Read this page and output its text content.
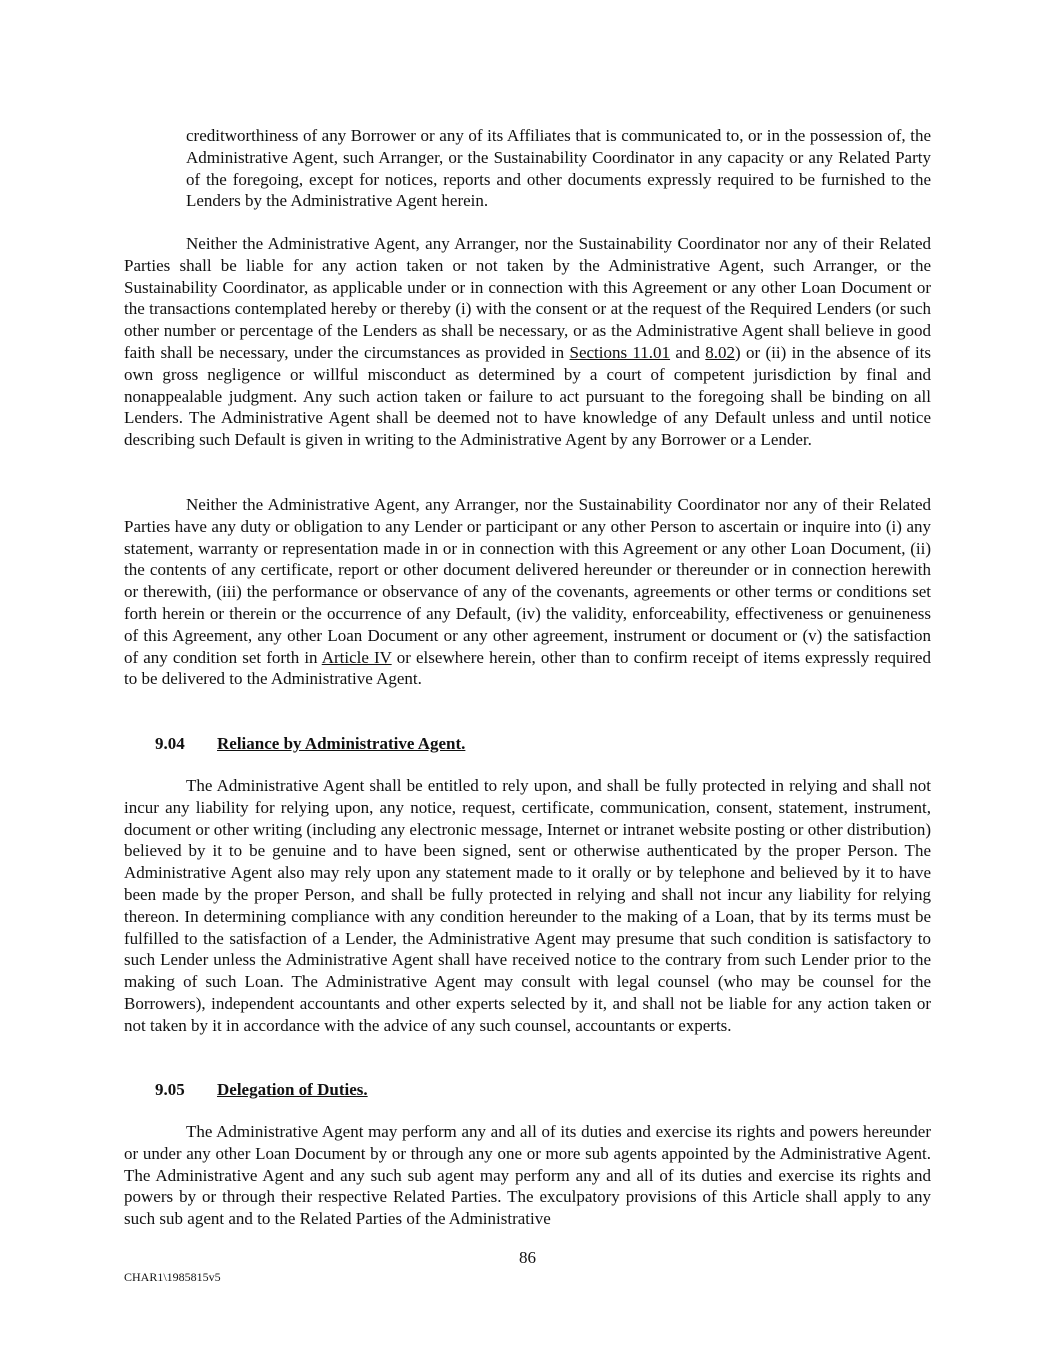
creditworthiness of any Borrower or any of its Affiliates that is communicated to, or in the possession of, the Administrative Agent, such Arranger, or the Sustainability Coordinator in any capacity or any Related Party of the foregoing, except for notices, reports and other documents expressly required to be furnished to the Lenders by the Administrative Agent herein.

Neither the Administrative Agent, any Arranger, nor the Sustainability Coordinator nor any of their Related Parties shall be liable for any action taken or not taken by the Administrative Agent, such Arranger, or the Sustainability Coordinator, as applicable under or in connection with this Agreement or any other Loan Document or the transactions contemplated hereby or thereby (i) with the consent or at the request of the Required Lenders (or such other number or percentage of the Lenders as shall be necessary, or as the Administrative Agent shall believe in good faith shall be necessary, under the circumstances as provided in Sections 11.01 and 8.02) or (ii) in the absence of its own gross negligence or willful misconduct as determined by a court of competent jurisdiction by final and nonappealable judgment. Any such action taken or failure to act pursuant to the foregoing shall be binding on all Lenders. The Administrative Agent shall be deemed not to have knowledge of any Default unless and until notice describing such Default is given in writing to the Administrative Agent by any Borrower or a Lender.

Neither the Administrative Agent, any Arranger, nor the Sustainability Coordinator nor any of their Related Parties have any duty or obligation to any Lender or participant or any other Person to ascertain or inquire into (i) any statement, warranty or representation made in or in connection with this Agreement or any other Loan Document, (ii) the contents of any certificate, report or other document delivered hereunder or thereunder or in connection herewith or therewith, (iii) the performance or observance of any of the covenants, agreements or other terms or conditions set forth herein or therein or the occurrence of any Default, (iv) the validity, enforceability, effectiveness or genuineness of this Agreement, any other Loan Document or any other agreement, instrument or document or (v) the satisfaction of any condition set forth in Article IV or elsewhere herein, other than to confirm receipt of items expressly required to be delivered to the Administrative Agent.

9.04 Reliance by Administrative Agent.

The Administrative Agent shall be entitled to rely upon, and shall be fully protected in relying and shall not incur any liability for relying upon, any notice, request, certificate, communication, consent, statement, instrument, document or other writing (including any electronic message, Internet or intranet website posting or other distribution) believed by it to be genuine and to have been signed, sent or otherwise authenticated by the proper Person. The Administrative Agent also may rely upon any statement made to it orally or by telephone and believed by it to have been made by the proper Person, and shall be fully protected in relying and shall not incur any liability for relying thereon. In determining compliance with any condition hereunder to the making of a Loan, that by its terms must be fulfilled to the satisfaction of a Lender, the Administrative Agent may presume that such condition is satisfactory to such Lender unless the Administrative Agent shall have received notice to the contrary from such Lender prior to the making of such Loan. The Administrative Agent may consult with legal counsel (who may be counsel for the Borrowers), independent accountants and other experts selected by it, and shall not be liable for any action taken or not taken by it in accordance with the advice of any such counsel, accountants or experts.

9.05 Delegation of Duties.

The Administrative Agent may perform any and all of its duties and exercise its rights and powers hereunder or under any other Loan Document by or through any one or more sub agents appointed by the Administrative Agent. The Administrative Agent and any such sub agent may perform any and all of its duties and exercise its rights and powers by or through their respective Related Parties. The exculpatory provisions of this Article shall apply to any such sub agent and to the Related Parties of the Administrative

86
CHAR1\1985815v5
